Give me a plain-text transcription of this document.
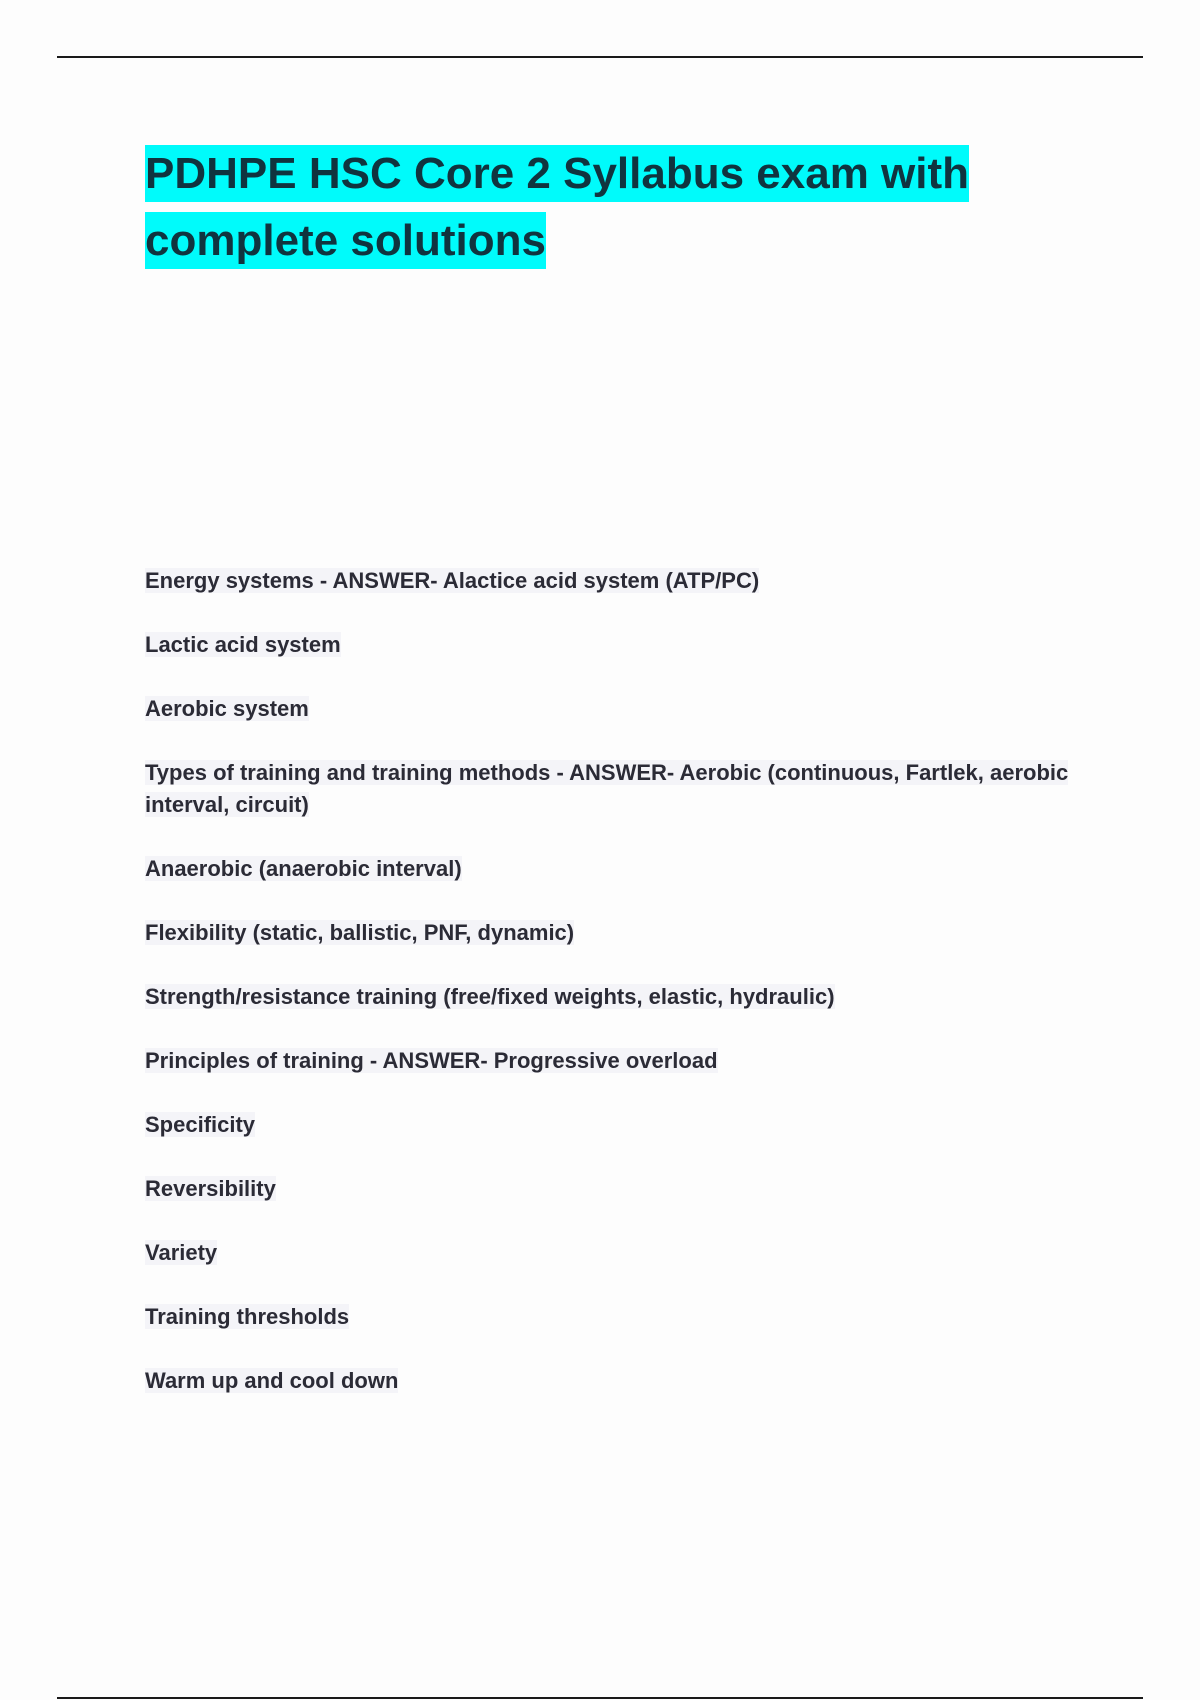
PDHPE HSC Core 2 Syllabus exam with complete solutions
Energy systems - ANSWER- Alactice acid system (ATP/PC)
Lactic acid system
Aerobic system
Types of training and training methods - ANSWER- Aerobic (continuous, Fartlek, aerobic interval, circuit)
Anaerobic (anaerobic interval)
Flexibility (static, ballistic, PNF, dynamic)
Strength/resistance training (free/fixed weights, elastic, hydraulic)
Principles of training - ANSWER- Progressive overload
Specificity
Reversibility
Variety
Training thresholds
Warm up and cool down
